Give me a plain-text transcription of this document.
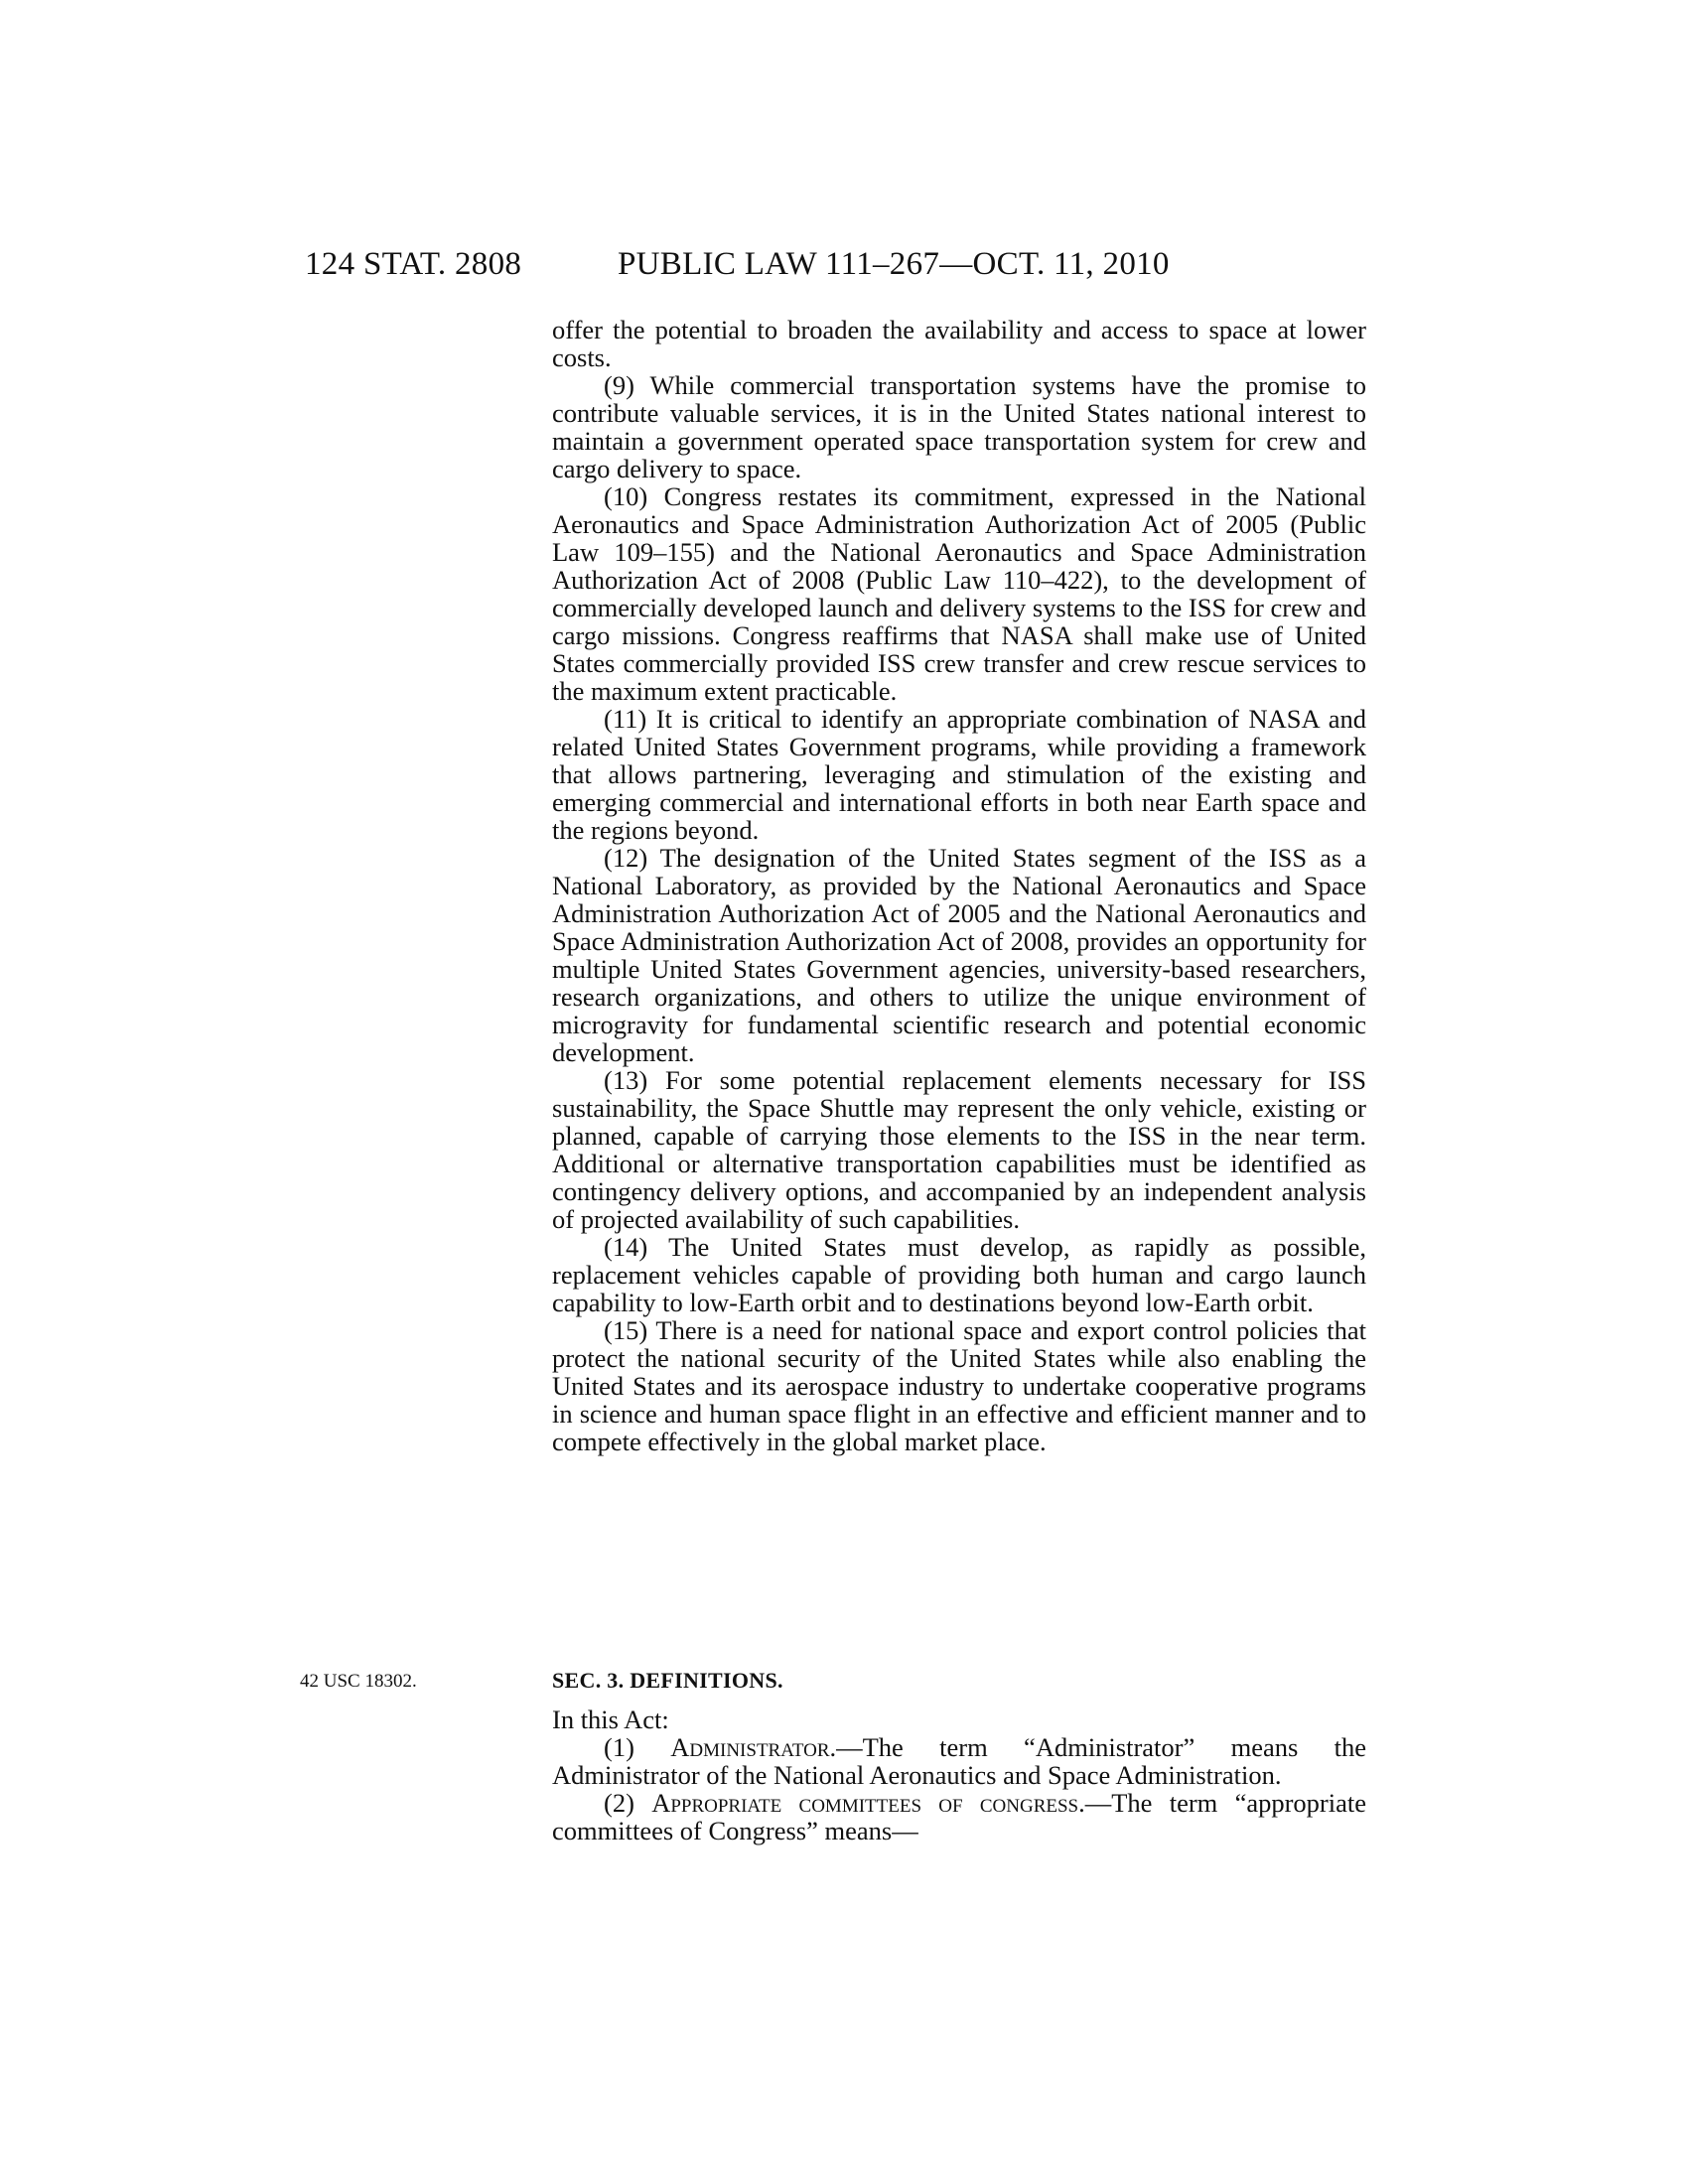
124 STAT. 2808	PUBLIC LAW 111–267—OCT. 11, 2010

offer the potential to broaden the availability and access to space at lower costs.

(9) While commercial transportation systems have the promise to contribute valuable services, it is in the United States national interest to maintain a government operated space transportation system for crew and cargo delivery to space.

(10) Congress restates its commitment, expressed in the National Aeronautics and Space Administration Authorization Act of 2005 (Public Law 109–155) and the National Aeronautics and Space Administration Authorization Act of 2008 (Public Law 110–422), to the development of commercially developed launch and delivery systems to the ISS for crew and cargo missions. Congress reaffirms that NASA shall make use of United States commercially provided ISS crew transfer and crew rescue services to the maximum extent practicable.

(11) It is critical to identify an appropriate combination of NASA and related United States Government programs, while providing a framework that allows partnering, leveraging and stimulation of the existing and emerging commercial and international efforts in both near Earth space and the regions beyond.

(12) The designation of the United States segment of the ISS as a National Laboratory, as provided by the National Aeronautics and Space Administration Authorization Act of 2005 and the National Aeronautics and Space Administration Authorization Act of 2008, provides an opportunity for multiple United States Government agencies, university-based researchers, research organizations, and others to utilize the unique environment of microgravity for fundamental scientific research and potential economic development.

(13) For some potential replacement elements necessary for ISS sustainability, the Space Shuttle may represent the only vehicle, existing or planned, capable of carrying those elements to the ISS in the near term. Additional or alternative transportation capabilities must be identified as contingency delivery options, and accompanied by an independent analysis of projected availability of such capabilities.

(14) The United States must develop, as rapidly as possible, replacement vehicles capable of providing both human and cargo launch capability to low-Earth orbit and to destinations beyond low-Earth orbit.

(15) There is a need for national space and export control policies that protect the national security of the United States while also enabling the United States and its aerospace industry to undertake cooperative programs in science and human space flight in an effective and efficient manner and to compete effectively in the global market place.

42 USC 18302.	SEC. 3. DEFINITIONS.

In this Act:

(1) Administrator.—The term “Administrator” means the Administrator of the National Aeronautics and Space Administration.

(2) Appropriate committees of congress.—The term “appropriate committees of Congress” means—
